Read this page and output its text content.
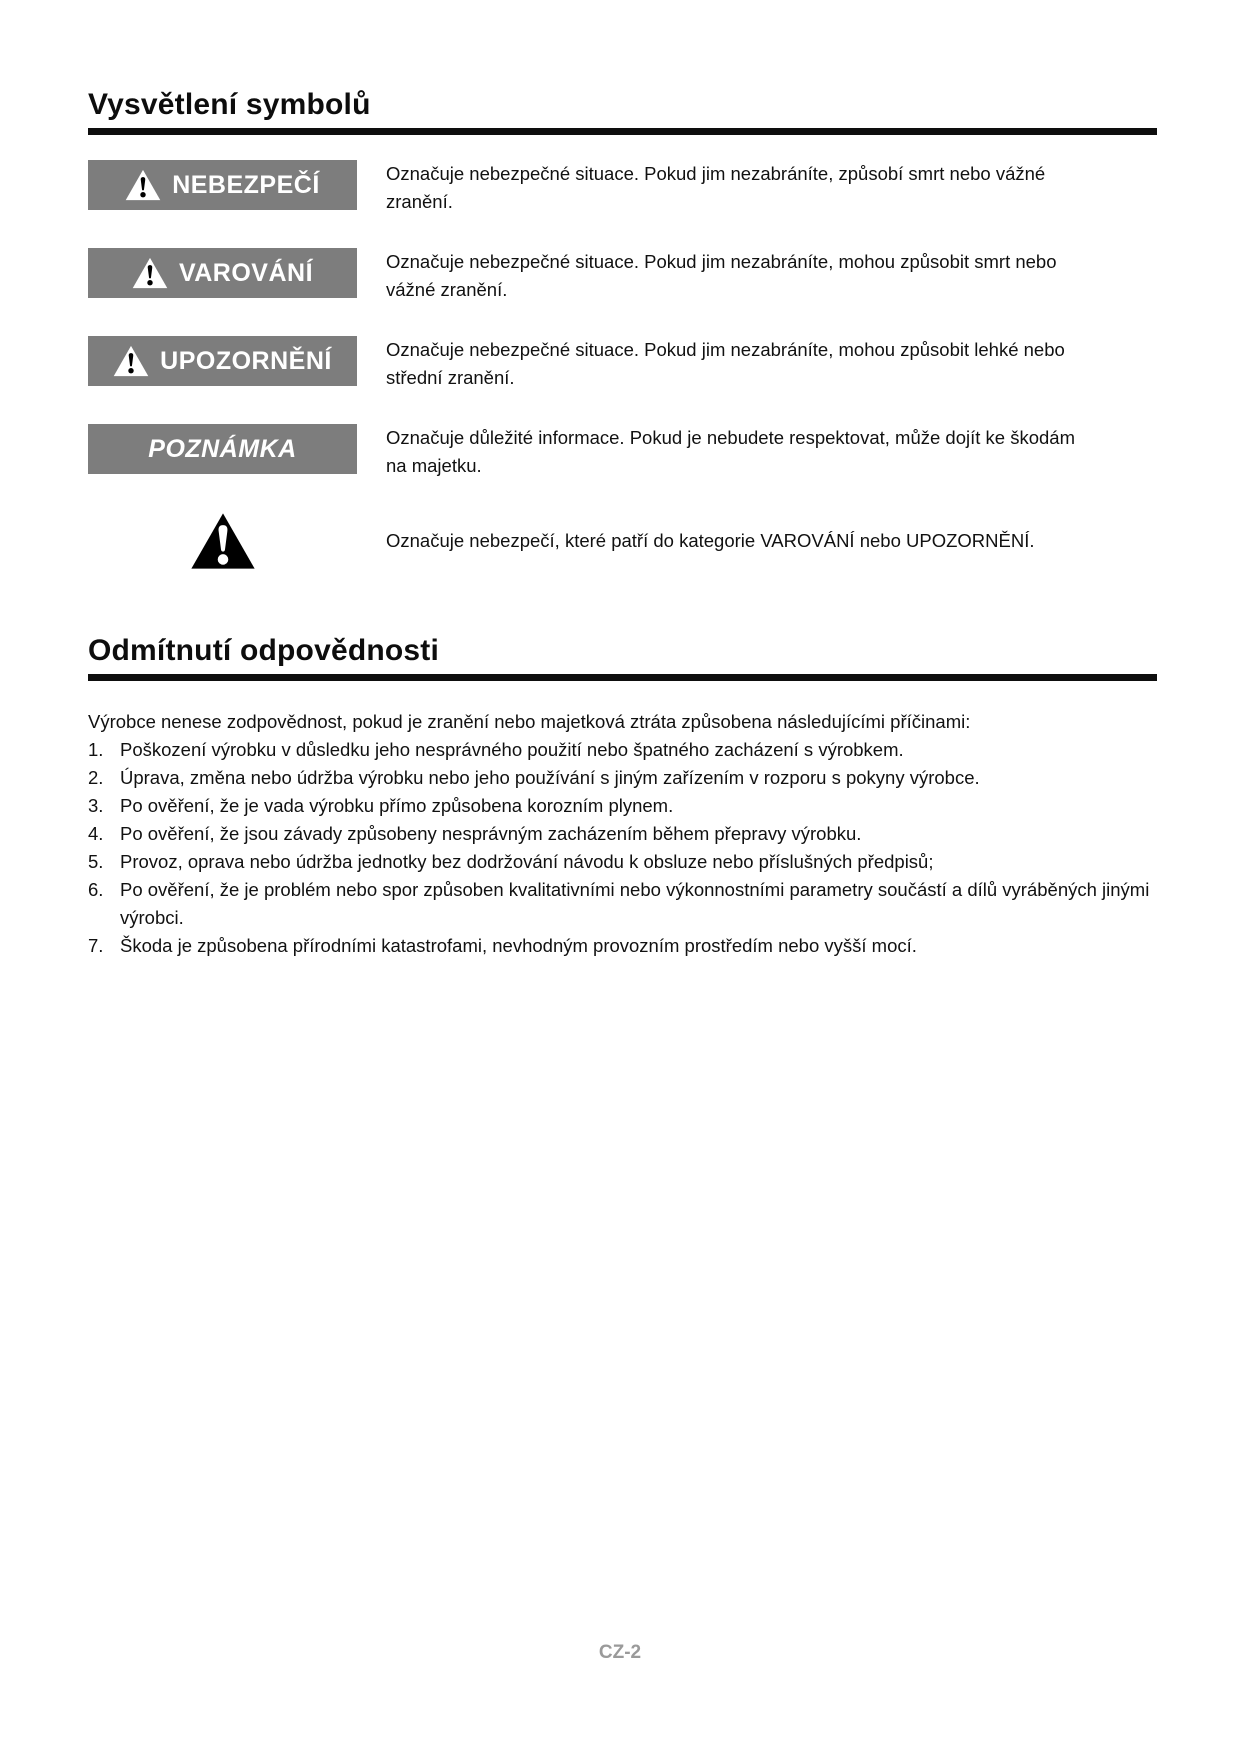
Vysvětlení symbolů
NEBEZPEČÍ	Označuje nebezpečné situace. Pokud jim nezabráníte, způsobí smrt nebo vážné zranění.
VAROVÁNÍ	Označuje nebezpečné situace. Pokud jim nezabráníte, mohou způsobit smrt nebo vážné zranění.
UPOZORNĚNÍ	Označuje nebezpečné situace. Pokud jim nezabráníte, mohou způsobit lehké nebo střední zranění.
POZNÁMKA	Označuje důležité informace. Pokud je nebudete respektovat, může dojít ke škodám na majetku.
Označuje nebezpečí, které patří do kategorie VAROVÁNÍ nebo UPOZORNĚNÍ.
Odmítnutí odpovědnosti

Výrobce nenese zodpovědnost, pokud je zranění nebo majetková ztráta způsobena následujícími příčinami:

1. Poškození výrobku v důsledku jeho nesprávného použití nebo špatného zacházení s výrobkem.
2. Úprava, změna nebo údržba výrobku nebo jeho používání s jiným zařízením v rozporu s pokyny výrobce.
3. Po ověření, že je vada výrobku přímo způsobena korozním plynem.
4. Po ověření, že jsou závady způsobeny nesprávným zacházením během přepravy výrobku.
5. Provoz, oprava nebo údržba jednotky bez dodržování návodu k obsluze nebo příslušných předpisů;
6. Po ověření, že je problém nebo spor způsoben kvalitativními nebo výkonnostními parametry součástí a dílů vyráběných jinými výrobci.
7. Škoda je způsobena přírodními katastrofami, nevhodným provozním prostředím nebo vyšší mocí.
CZ-2
